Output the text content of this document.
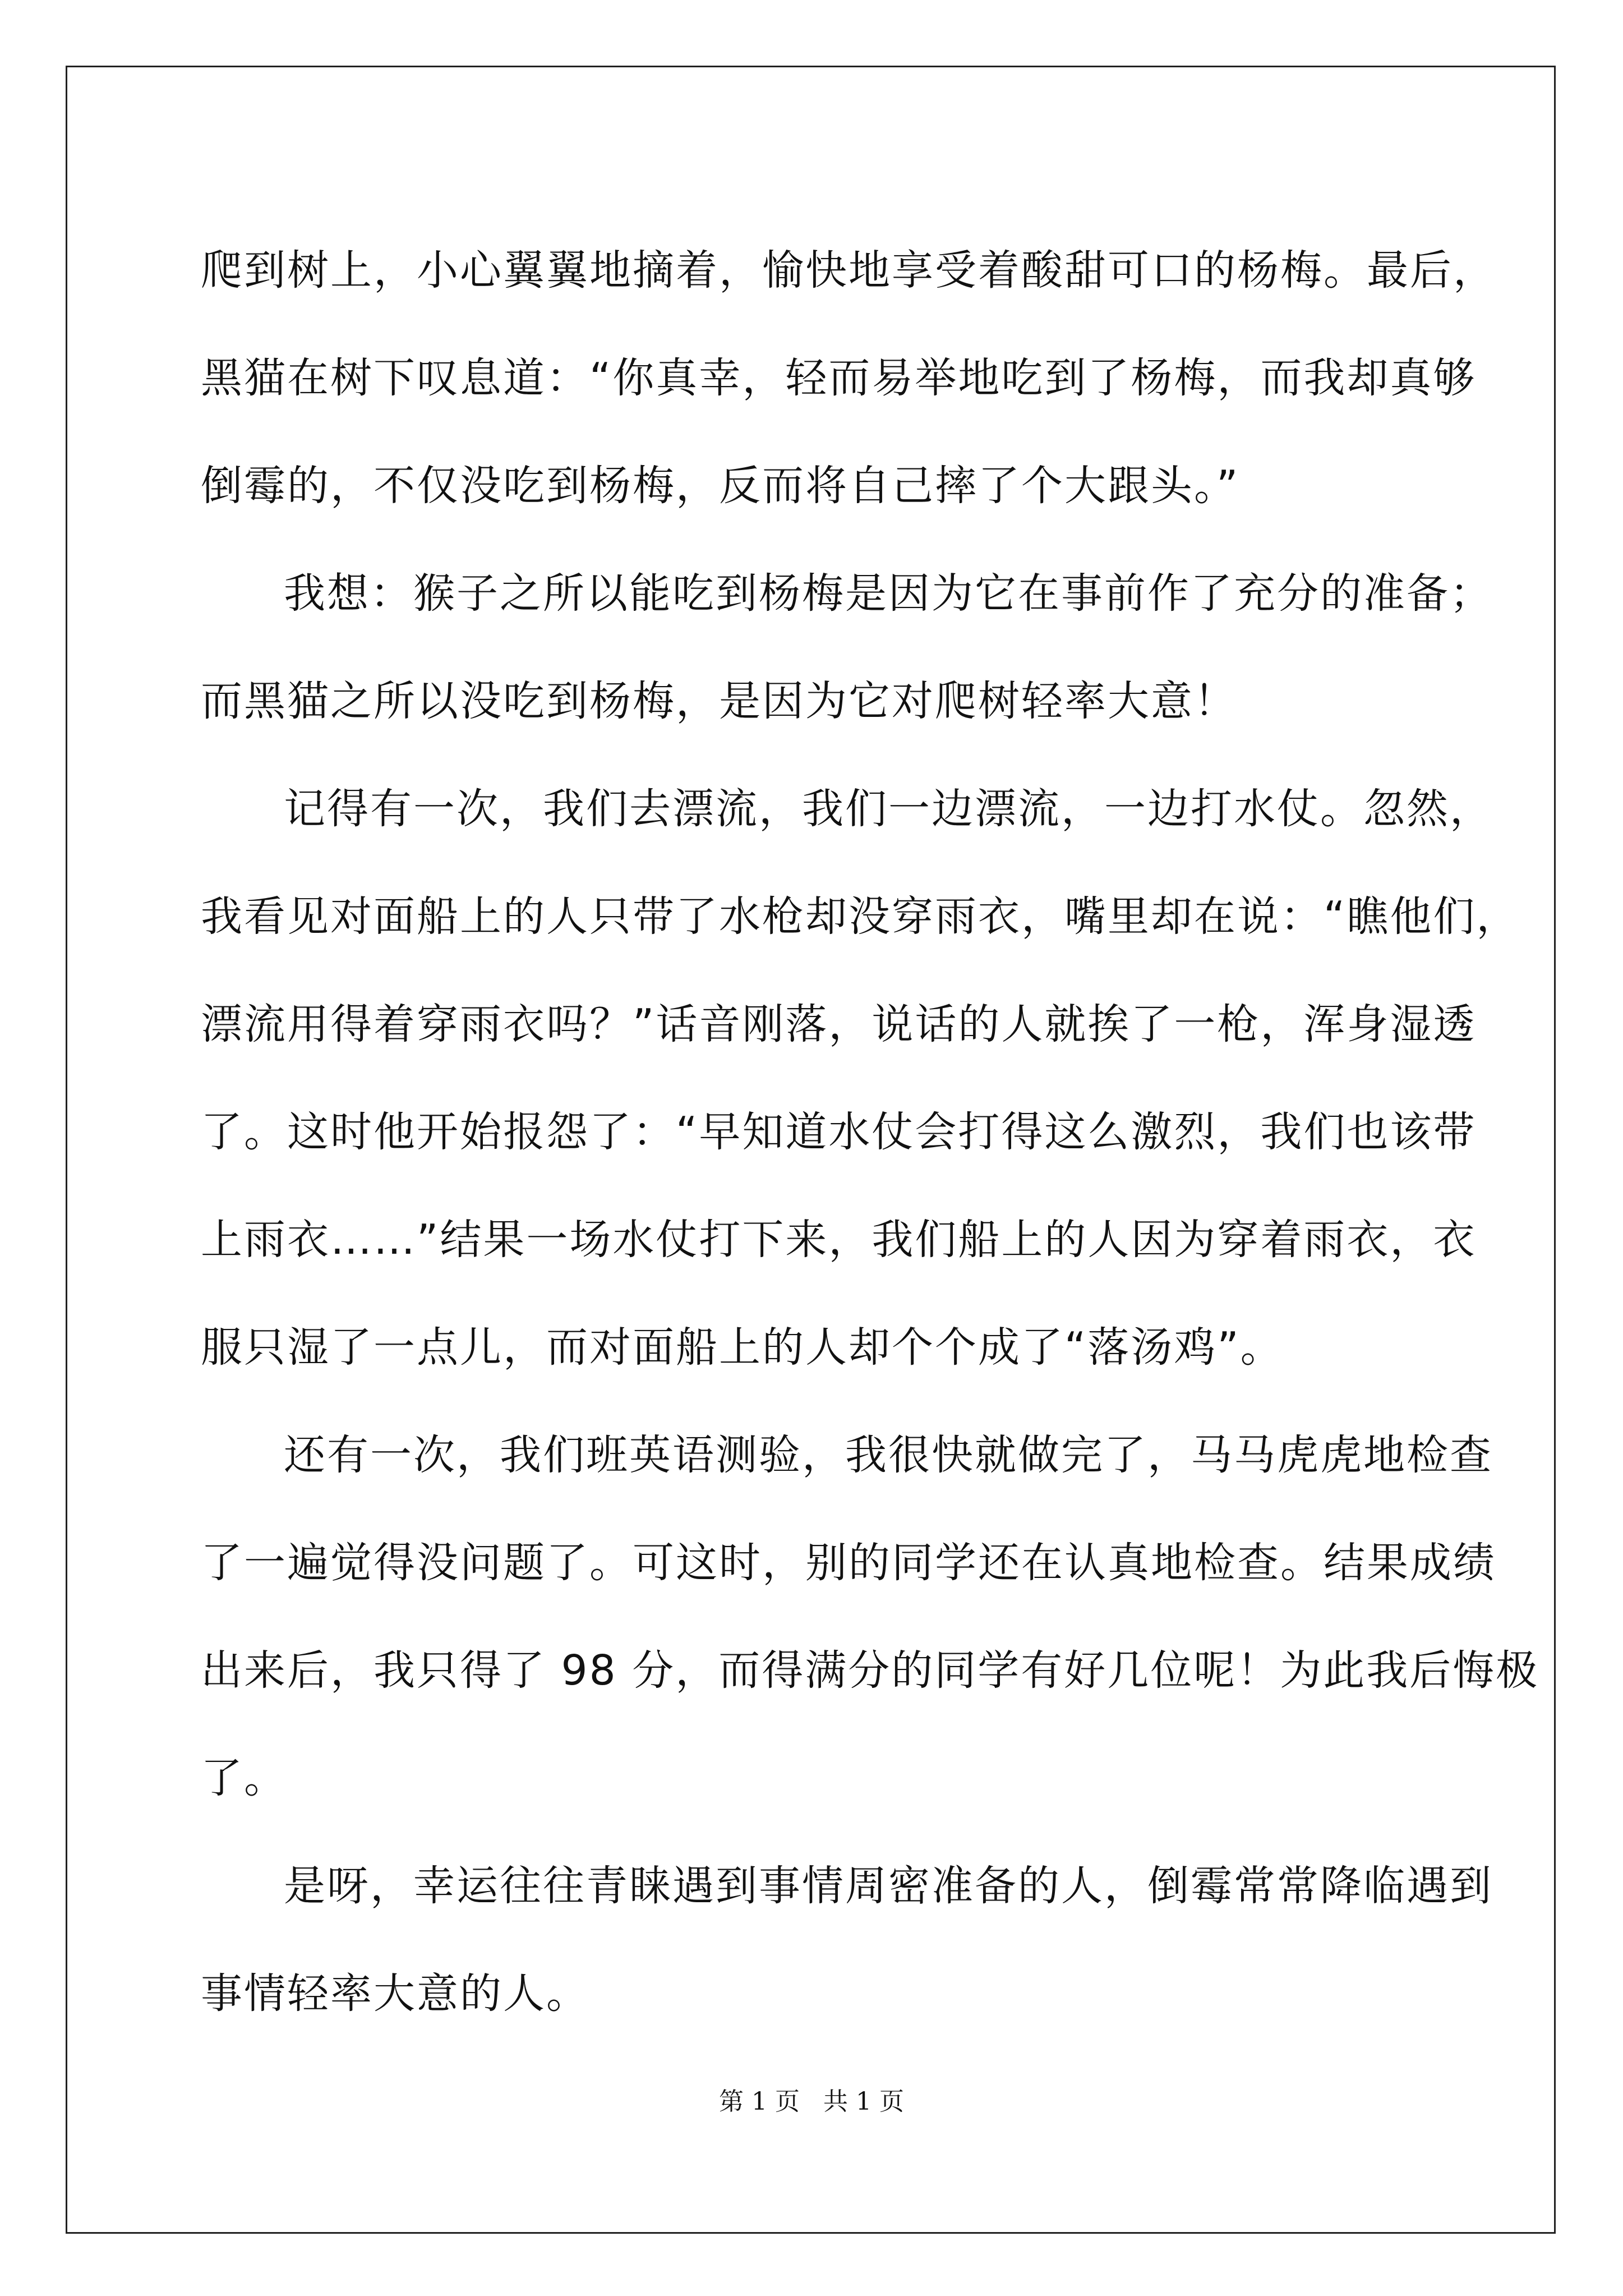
爬到树上，小心翼翼地摘着，愉快地享受着酸甜可口的杨梅。最后，
黑猫在树下叹息道：“你真幸，轻而易举地吃到了杨梅，而我却真够
倒霉的，不仅没吃到杨梅，反而将自己摔了个大跟头。”
我想：猴子之所以能吃到杨梅是因为它在事前作了充分的准备；
而黑猫之所以没吃到杨梅，是因为它对爬树轻率大意！
记得有一次，我们去漂流，我们一边漂流，一边打水仗。忽然，
我看见对面船上的人只带了水枪却没穿雨衣，嘴里却在说：“瞧他们，
漂流用得着穿雨衣吗？”话音刚落，说话的人就挨了一枪，浑身湿透
了。这时他开始报怨了：“早知道水仗会打得这么激烈，我们也该带
上雨衣……”结果一场水仗打下来，我们船上的人因为穿着雨衣，衣
服只湿了一点儿，而对面船上的人却个个成了“落汤鸡”。
还有一次，我们班英语测验，我很快就做完了，马马虎虎地检查
了一遍觉得没问题了。可这时，别的同学还在认真地检查。结果成绩
出来后，我只得了 98 分，而得满分的同学有好几位呢！为此我后悔极
了。
是呀，幸运往往青睐遇到事情周密准备的人，倒霉常常降临遇到
事情轻率大意的人。
第 1 页 共 1 页
